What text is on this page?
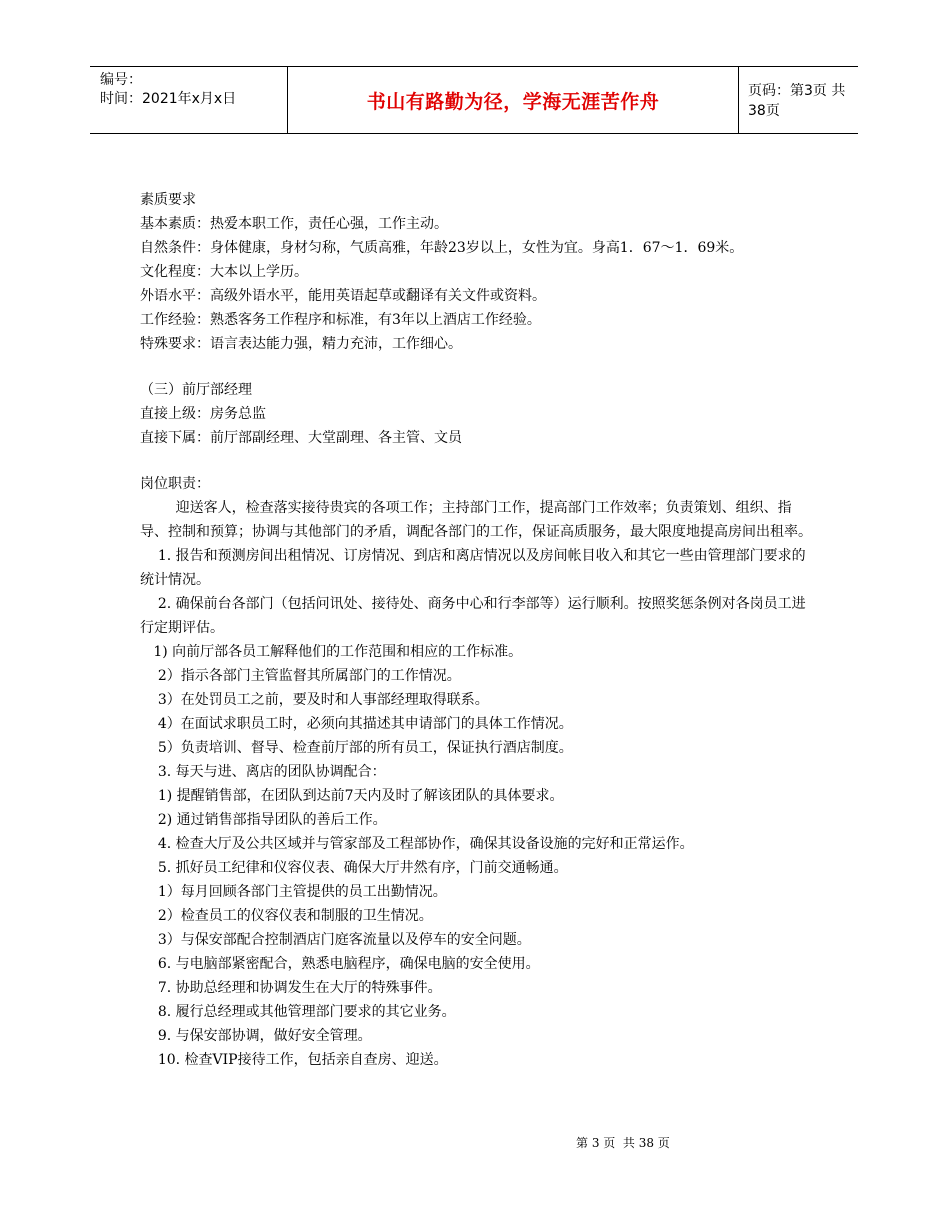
编号：
时间：2021年x月x日	书山有路勤为径，学海无涯苦作舟	页码：第3页 共38页

素质要求

基本素质：热爱本职工作，责任心强，工作主动。

自然条件：身体健康，身材匀称，气质高雅，年龄23岁以上，女性为宜。身高1．67～1．69米。

文化程度：大本以上学历。

外语水平：高级外语水平，能用英语起草或翻译有关文件或资料。

工作经验：熟悉客务工作程序和标准，有3年以上酒店工作经验。

特殊要求：语言表达能力强，精力充沛，工作细心。

（三）前厅部经理

直接上级：房务总监

直接下属：前厅部副经理、大堂副理、各主管、文员

岗位职责：

迎送客人，检查落实接待贵宾的各项工作；主持部门工作，提高部门工作效率；负责策划、组织、指导、控制和预算；协调与其他部门的矛盾，调配各部门的工作，保证高质服务，最大限度地提高房间出租率。

1. 报告和预测房间出租情况、订房情况、到店和离店情况以及房间帐目收入和其它一些由管理部门要求的统计情况。

2. 确保前台各部门（包括问讯处、接待处、商务中心和行李部等）运行顺利。按照奖惩条例对各岗员工进行定期评估。

1) 向前厅部各员工解释他们的工作范围和相应的工作标准。

2）指示各部门主管监督其所属部门的工作情况。

3）在处罚员工之前，要及时和人事部经理取得联系。

4）在面试求职员工时，必须向其描述其申请部门的具体工作情况。

5）负责培训、督导、检查前厅部的所有员工，保证执行酒店制度。

3. 每天与进、离店的团队协调配合：

1) 提醒销售部，在团队到达前7天内及时了解该团队的具体要求。

2) 通过销售部指导团队的善后工作。

4. 检查大厅及公共区域并与管家部及工程部协作，确保其设备设施的完好和正常运作。

5. 抓好员工纪律和仪容仪表、确保大厅井然有序，门前交通畅通。

1）每月回顾各部门主管提供的员工出勤情况。

2）检查员工的仪容仪表和制服的卫生情况。

3）与保安部配合控制酒店门庭客流量以及停车的安全问题。

6. 与电脑部紧密配合，熟悉电脑程序，确保电脑的安全使用。

7. 协助总经理和协调发生在大厅的特殊事件。

8. 履行总经理或其他管理部门要求的其它业务。

9. 与保安部协调，做好安全管理。

10. 检查VIP接待工作，包括亲自查房、迎送。

第 3 页  共 38 页
